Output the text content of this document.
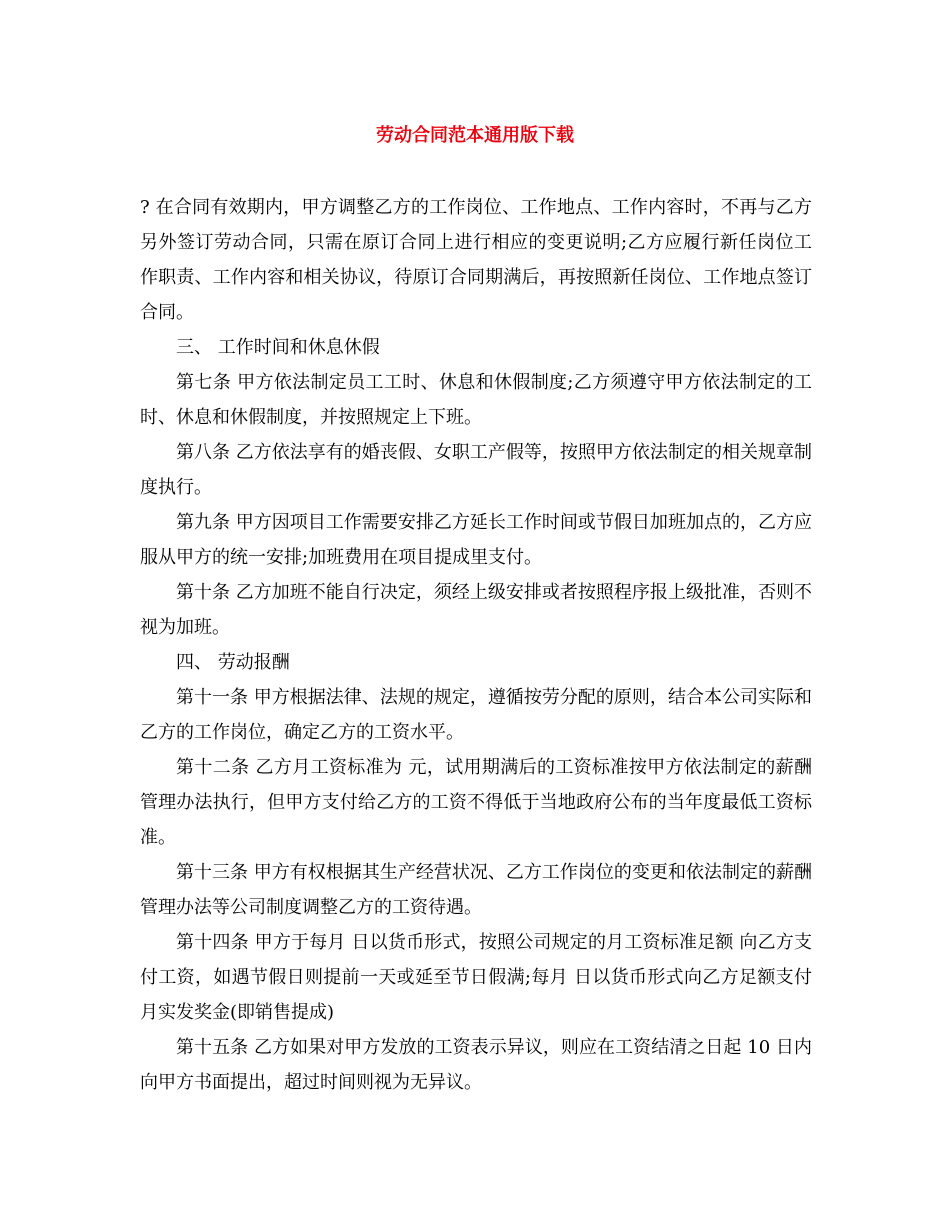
劳动合同范本通用版下载

? 在合同有效期内，甲方调整乙方的工作岗位、工作地点、工作内容时，不再与乙方另外签订劳动合同，只需在原订合同上进行相应的变更说明;乙方应履行新任岗位工作职责、工作内容和相关协议，待原订合同期满后，再按照新任岗位、工作地点签订合同。

三、 工作时间和休息休假

第七条 甲方依法制定员工工时、休息和休假制度;乙方须遵守甲方依法制定的工时、休息和休假制度，并按照规定上下班。

第八条 乙方依法享有的婚丧假、女职工产假等，按照甲方依法制定的相关规章制度执行。

第九条 甲方因项目工作需要安排乙方延长工作时间或节假日加班加点的，乙方应服从甲方的统一安排;加班费用在项目提成里支付。

第十条 乙方加班不能自行决定，须经上级安排或者按照程序报上级批准，否则不视为加班。

四、 劳动报酬

第十一条 甲方根据法律、法规的规定，遵循按劳分配的原则，结合本公司实际和 乙方的工作岗位，确定乙方的工资水平。

第十二条 乙方月工资标准为 元，试用期满后的工资标准按甲方依法制定的薪酬管理办法执行，但甲方支付给乙方的工资不得低于当地政府公布的当年度最低工资标准。

第十三条 甲方有权根据其生产经营状况、乙方工作岗位的变更和依法制定的薪酬管理办法等公司制度调整乙方的工资待遇。

第十四条 甲方于每月 日以货币形式，按照公司规定的月工资标准足额 向乙方支付工资，如遇节假日则提前一天或延至节日假满;每月 日以货币形式向乙方足额支付月实发奖金(即销售提成)

第十五条 乙方如果对甲方发放的工资表示异议，则应在工资结清之日起 10 日内 向甲方书面提出，超过时间则视为无异议。
